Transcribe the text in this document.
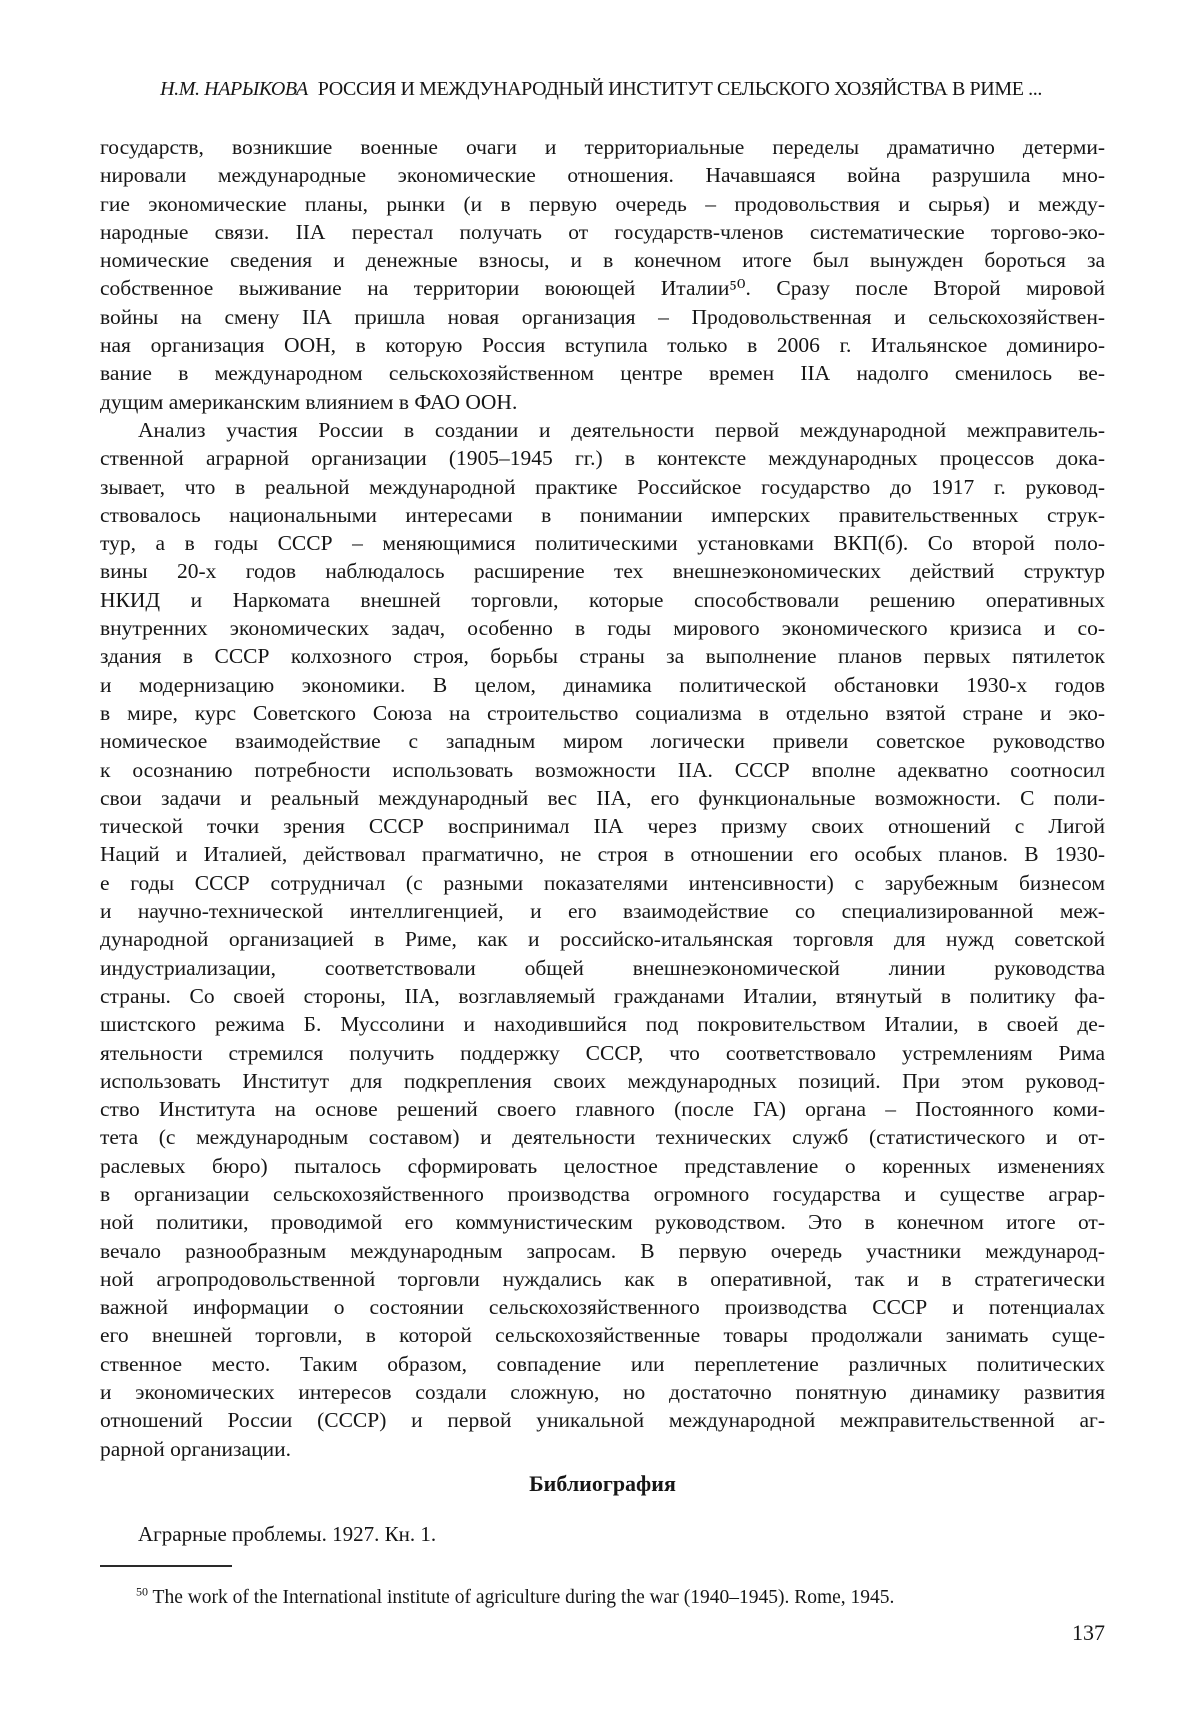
Н.М. НАРЫКОВА РОССИЯ И МЕЖДУНАРОДНЫЙ ИНСТИТУТ СЕЛЬСКОГО ХОЗЯЙСТВА В РИМЕ ...
государств, возникшие военные очаги и территориальные переделы драматично детерми-
нировали международные экономические отношения. Начавшаяся война разрушила мно-
гие экономические планы, рынки (и в первую очередь – продовольствия и сырья) и между-
народные связи. IIА перестал получать от государств-членов систематические торгово-эко-
номические сведения и денежные взносы, и в конечном итоге был вынужден бороться за
собственное выживание на территории воюющей Италии⁵⁰. Сразу после Второй мировой
войны на смену IIА пришла новая организация – Продовольственная и сельскохозяйствен-
ная организация ООН, в которую Россия вступила только в 2006 г. Итальянское доминиро-
вание в международном сельскохозяйственном центре времен IIА надолго сменилось ве-
дущим американским влиянием в ФАО ООН.
Анализ участия России в создании и деятельности первой международной межправитель-
ственной аграрной организации (1905–1945 гг.) в контексте международных процессов дока-
зывает, что в реальной международной практике Российское государство до 1917 г. руковод-
ствовалось национальными интересами в понимании имперских правительственных струк-
тур, а в годы СССР – меняющимися политическими установками ВКП(б). Со второй поло-
вины 20-х годов наблюдалось расширение тех внешнеэкономических действий структур
НКИД и Наркомата внешней торговли, которые способствовали решению оперативных
внутренних экономических задач, особенно в годы мирового экономического кризиса и со-
здания в СССР колхозного строя, борьбы страны за выполнение планов первых пятилеток
и модернизацию экономики. В целом, динамика политической обстановки 1930-х годов
в мире, курс Советского Союза на строительство социализма в отдельно взятой стране и эко-
номическое взаимодействие с западным миром логически привели советское руководство
к осознанию потребности использовать возможности IIА. СССР вполне адекватно соотносил
свои задачи и реальный международный вес IIА, его функциональные возможности. С поли-
тической точки зрения СССР воспринимал IIА через призму своих отношений с Лигой
Наций и Италией, действовал прагматично, не строя в отношении его особых планов. В 1930-
е годы СССР сотрудничал (с разными показателями интенсивности) с зарубежным бизнесом
и научно-технической интеллигенцией, и его взаимодействие со специализированной меж-
дународной организацией в Риме, как и российско-итальянская торговля для нужд советской
индустриализации, соответствовали общей внешнеэкономической линии руководства
страны. Со своей стороны, IIА, возглавляемый гражданами Италии, втянутый в политику фа-
шистского режима Б. Муссолини и находившийся под покровительством Италии, в своей де-
ятельности стремился получить поддержку СССР, что соответствовало устремлениям Рима
использовать Институт для подкрепления своих международных позиций. При этом руковод-
ство Института на основе решений своего главного (после ГА) органа – Постоянного коми-
тета (с международным составом) и деятельности технических служб (статистического и от-
раслевых бюро) пыталось сформировать целостное представление о коренных изменениях
в организации сельскохозяйственного производства огромного государства и существе аграр-
ной политики, проводимой его коммунистическим руководством. Это в конечном итоге от-
вечало разнообразным международным запросам. В первую очередь участники международ-
ной агропродовольственной торговли нуждались как в оперативной, так и в стратегически
важной информации о состоянии сельскохозяйственного производства СССР и потенциалах
его внешней торговли, в которой сельскохозяйственные товары продолжали занимать суще-
ственное место. Таким образом, совпадение или переплетение различных политических
и экономических интересов создали сложную, но достаточно понятную динамику развития
отношений России (СССР) и первой уникальной международной межправительственной аг-
рарной организации.
Библиография
Аграрные проблемы. 1927. Кн. 1.
$^{50}$ The work of the International institute of agriculture during the war (1940–1945). Rome, 1945.
137
